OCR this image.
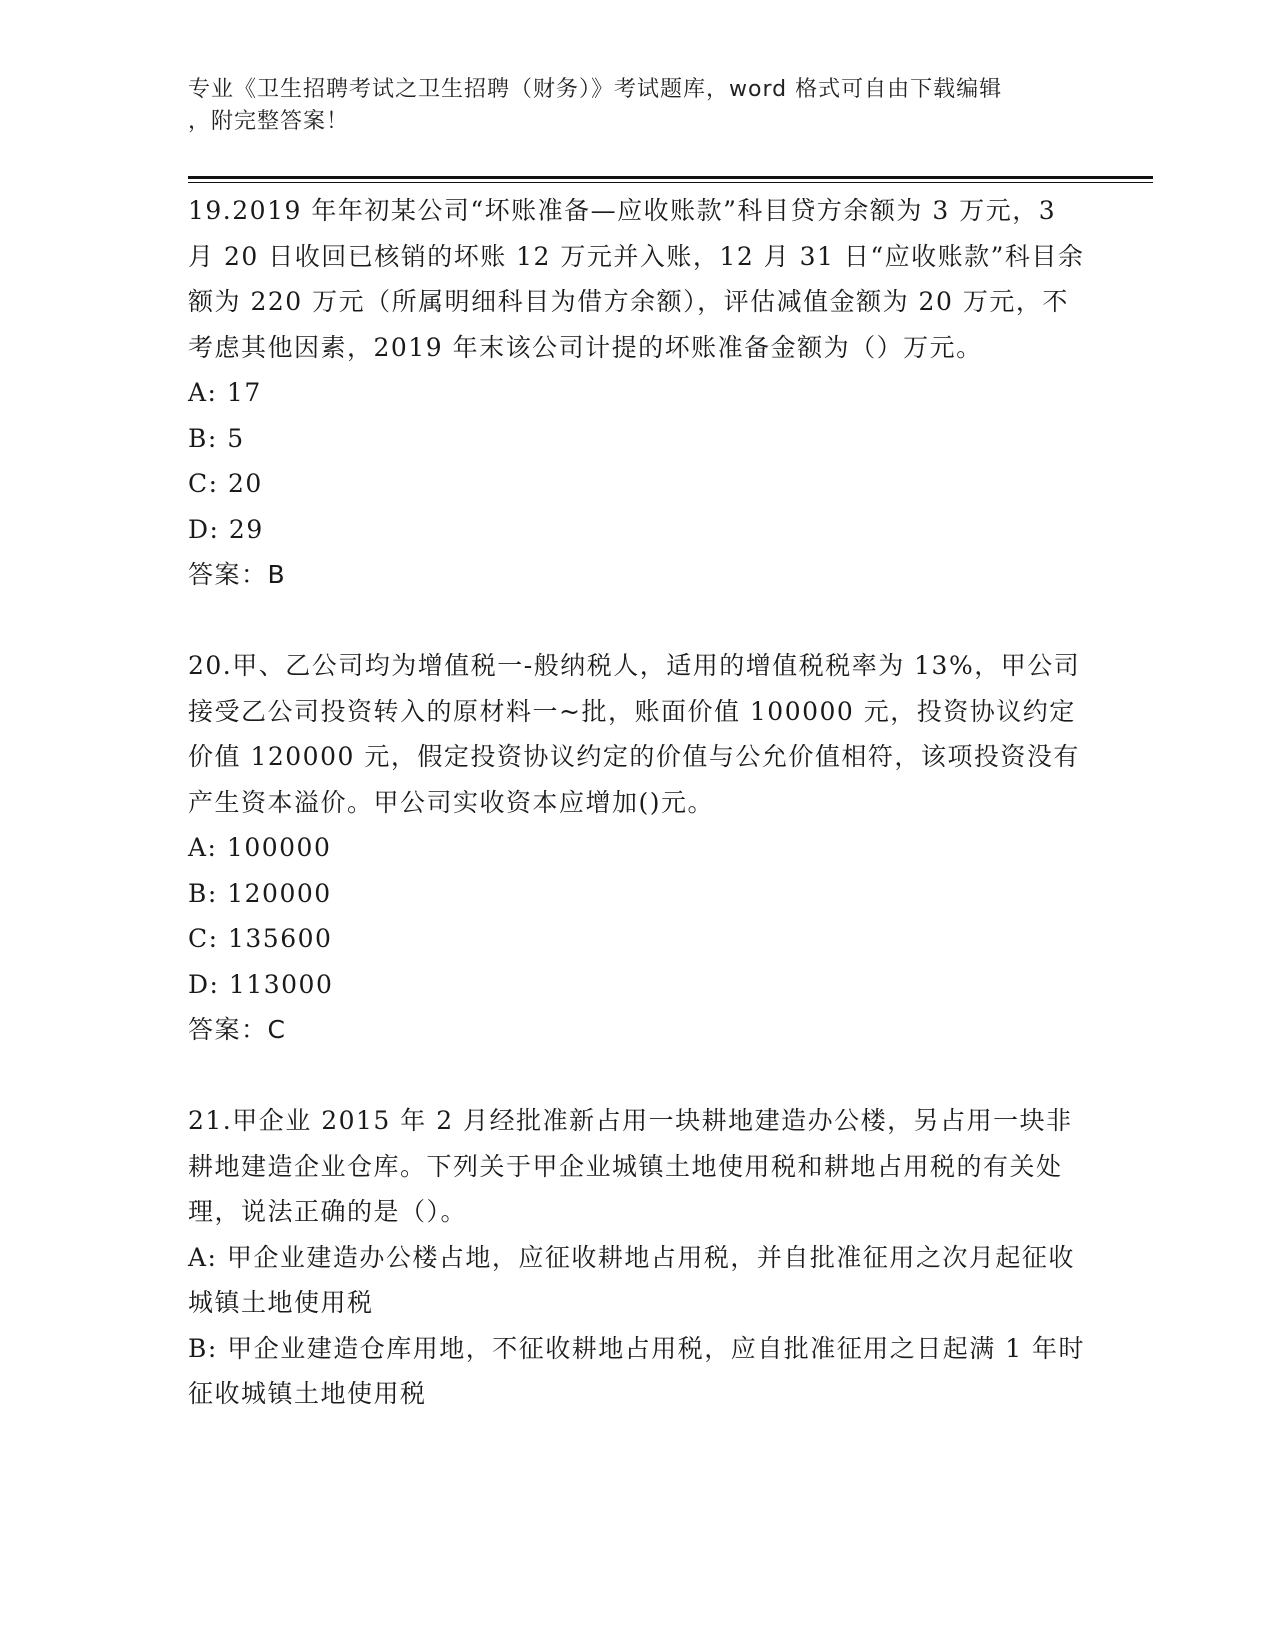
专业《卫生招聘考试之卫生招聘（财务）》考试题库，word 格式可自由下载编辑
，附完整答案！

19.2019 年年初某公司“坏账准备—应收账款”科目贷方余额为 3 万元，3 月 20 日收回已核销的坏账 12 万元并入账，12 月 31 日“应收账款”科目余额为 220 万元（所属明细科目为借方余额），评估减值金额为 20 万元，不考虑其他因素，2019 年末该公司计提的坏账准备金额为（）万元。

A: 17

B: 5

C: 20

D: 29

答案：B

20.甲、乙公司均为增值税一-般纳税人，适用的增值税税率为 13%，甲公司接受乙公司投资转入的原材料一~批，账面价值 100000 元，投资协议约定价值 120000 元，假定投资协议约定的价值与公允价值相符，该项投资没有产生资本溢价。甲公司实收资本应增加()元。

A: 100000

B: 120000

C: 135600

D: 113000

答案：C

21.甲企业 2015 年 2 月经批准新占用一块耕地建造办公楼，另占用一块非耕地建造企业仓库。下列关于甲企业城镇土地使用税和耕地占用税的有关处理，说法正确的是（）。

A: 甲企业建造办公楼占地，应征收耕地占用税，并自批准征用之次月起征收城镇土地使用税

B: 甲企业建造仓库用地，不征收耕地占用税，应自批准征用之日起满 1 年时征收城镇土地使用税
